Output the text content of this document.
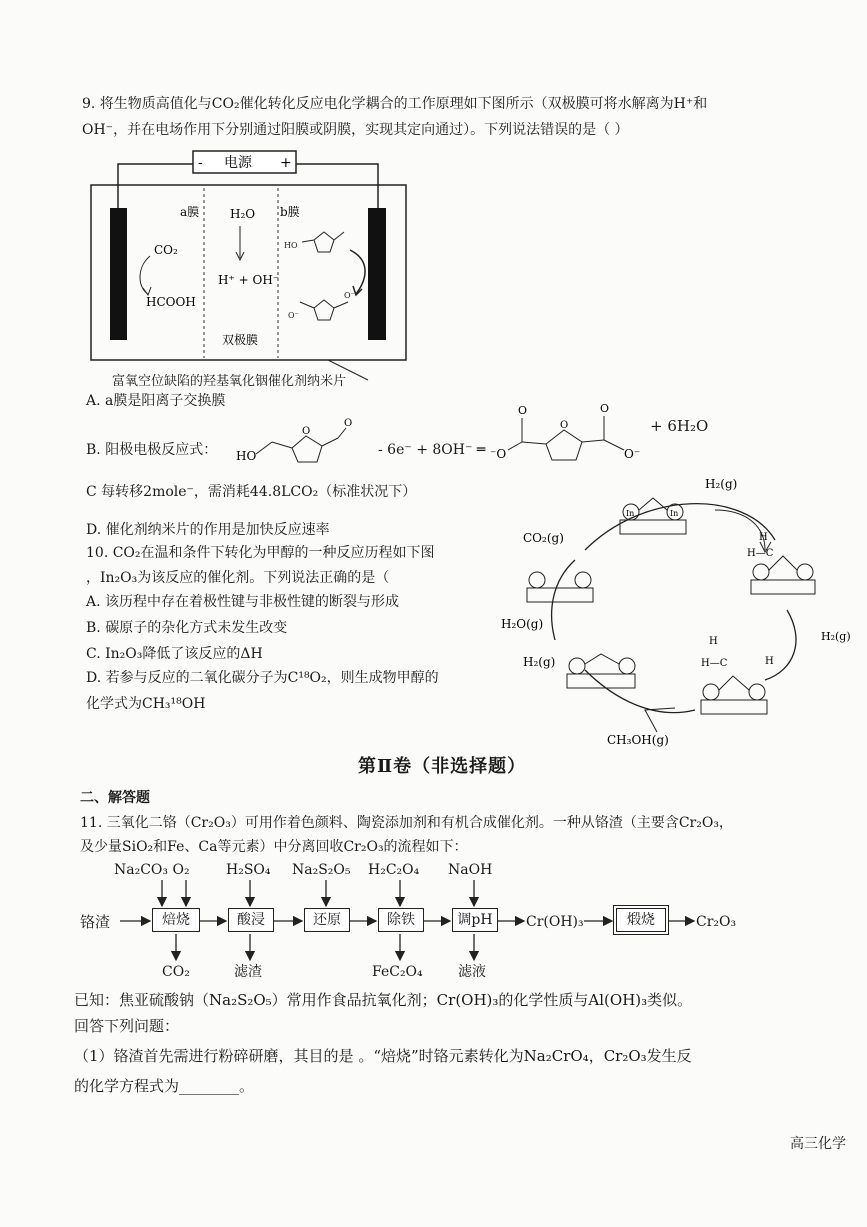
9. 将生物质高值化与CO₂催化转化反应电化学耦合的工作原理如下图所示（双极膜可将水解离为H⁺和
OH⁻，并在电场作用下分别通过阳膜或阴膜，实现其定向通过）。下列说法错误的是（ ）
- 电源 +
a膜	b膜
H₂O
H⁺ + OH⁻
CO₂
HCOOH
双极膜
HO
O⁻
O⁻
富氧空位缺陷的羟基氧化铟催化剂纳米片
A. a膜是阳离子交换膜
B. 阳极电极反应式： HO
O
O
- 6e⁻ + 8OH⁻ ═ ⁻O
O
O
O
O⁻
+ 6H₂O
C 每转移2mole⁻，需消耗44.8LCO₂（标准状况下）
D. 催化剂纳米片的作用是加快反应速率
10. CO₂在温和条件下转化为甲醇的一种反应历程如下图
，In₂O₃为该反应的催化剂。下列说法正确的是（
A. 该历程中存在着极性键与非极性键的断裂与形成
B. 碳原子的杂化方式未发生改变
C. In₂O₃降低了该反应的ΔH
D. 若参与反应的二氧化碳分子为C¹⁸O₂，则生成物甲醇的
化学式为CH₃¹⁸OH
In	In
H₂(g)
CO₂(g)
H₂O(g)
H₂(g)
H₂(g)
CH₃OH(g)
H
H—C
H
H—C	H
第Ⅱ卷（非选择题）
二、解答题
11. 三氧化二铬（Cr₂O₃）可用作着色颜料、陶瓷添加剂和有机合成催化剂。一种从铬渣（主要含Cr₂O₃，
及少量SiO₂和Fe、Ca等元素）中分离回收Cr₂O₃的流程如下：
Na₂CO₃ O₂	H₂SO₄ Na₂S₂O₅ H₂C₂O₄ NaOH
铬渣	焙烧	酸浸	还原	除铁	调pH	Cr(OH)₃	煅烧	Cr₂O₃
CO₂	滤渣	FeC₂O₄	滤液
已知：焦亚硫酸钠（Na₂S₂O₅）常用作食品抗氧化剂；Cr(OH)₃的化学性质与Al(OH)₃类似。
回答下列问题：
（1）铬渣首先需进行粉碎研磨，其目的是 。“焙烧”时铬元素转化为Na₂CrO₄，Cr₂O₃发生反
的化学方程式为________。
高三化学
